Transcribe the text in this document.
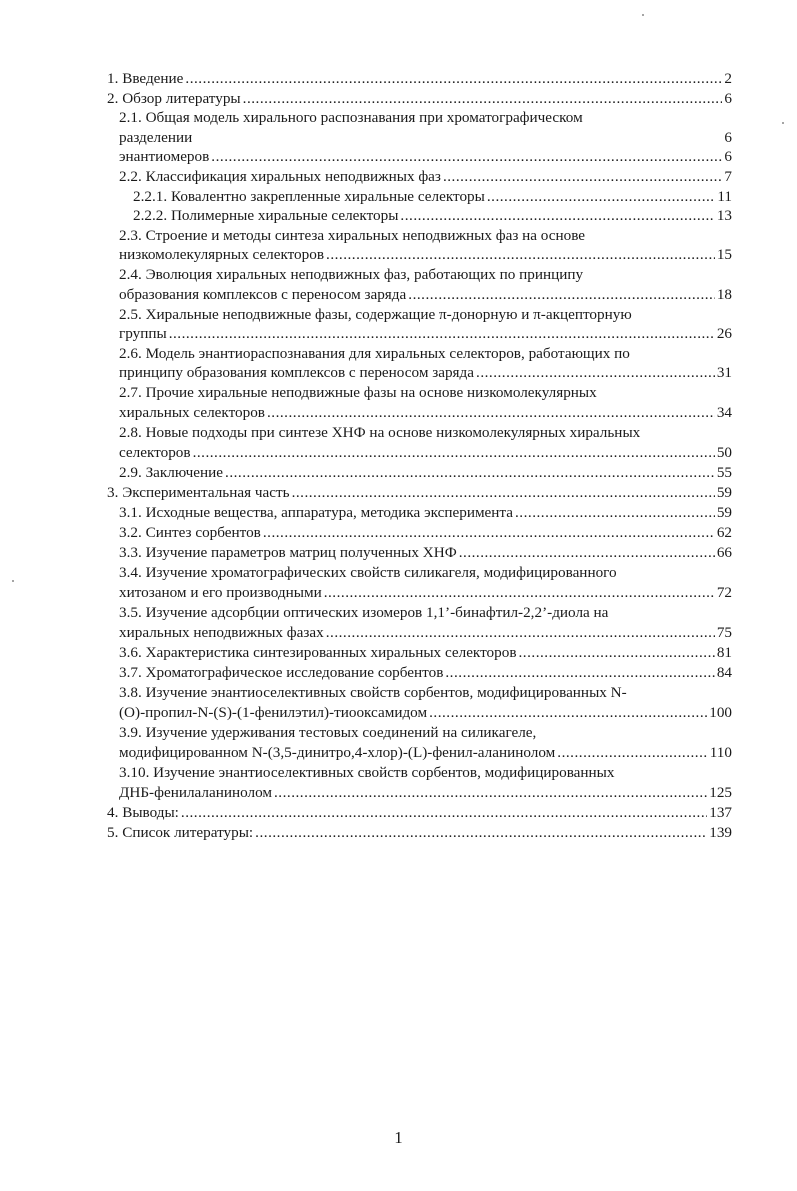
1. Введение .....	2
2. Обзор литературы .....	6
2.1. Общая модель хирального распознавания при хроматографическом
разделении	6
энантиомеров .....	6
2.2. Классификация хиральных неподвижных фаз .....	7
2.2.1. Ковалентно закрепленные хиральные селекторы .....	11
2.2.2. Полимерные хиральные селекторы .....	13
2.3. Строение и методы синтеза хиральных неподвижных фаз на основе
низкомолекулярных селекторов .....	15
2.4. Эволюция хиральных неподвижных фаз, работающих по принципу
образования комплексов с переносом заряда .....	18
2.5. Хиральные неподвижные фазы, содержащие π-донорную и π-акцепторную
группы .....	26
2.6. Модель энантиораспознавания для хиральных селекторов, работающих по
принципу образования комплексов с переносом заряда .....	31
2.7. Прочие хиральные неподвижные фазы на основе низкомолекулярных
хиральных селекторов .....	34
2.8. Новые подходы при синтезе ХНФ на основе низкомолекулярных хиральных
селекторов .....	50
2.9. Заключение .....	55
3. Экспериментальная часть .....	59
3.1. Исходные вещества, аппаратура, методика эксперимента .....	59
3.2. Синтез сорбентов .....	62
3.3. Изучение параметров матриц полученных ХНФ .....	66
3.4. Изучение хроматографических свойств силикагеля, модифицированного
хитозаном и его производными .....	72
3.5. Изучение адсорбции оптических изомеров 1,1’-бинафтил-2,2’-диола на
хиральных неподвижных фазах .....	75
3.6. Характеристика синтезированных хиральных селекторов .....	81
3.7. Хроматографическое исследование сорбентов .....	84
3.8. Изучение энантиоселективных свойств сорбентов, модифицированных N-
(О)-пропил-N-(S)-(1-фенилэтил)-тиооксамидом .....	100
3.9. Изучение удерживания тестовых соединений на силикагеле,
модифицированном N-(3,5-динитро,4-хлор)-(L)-фенил-аланинолом .....	110
3.10. Изучение энантиоселективных свойств сорбентов, модифицированных
ДНБ-фенилаланинолом .....	125
4. Выводы: .....	137
5. Список литературы: .....	139
1
